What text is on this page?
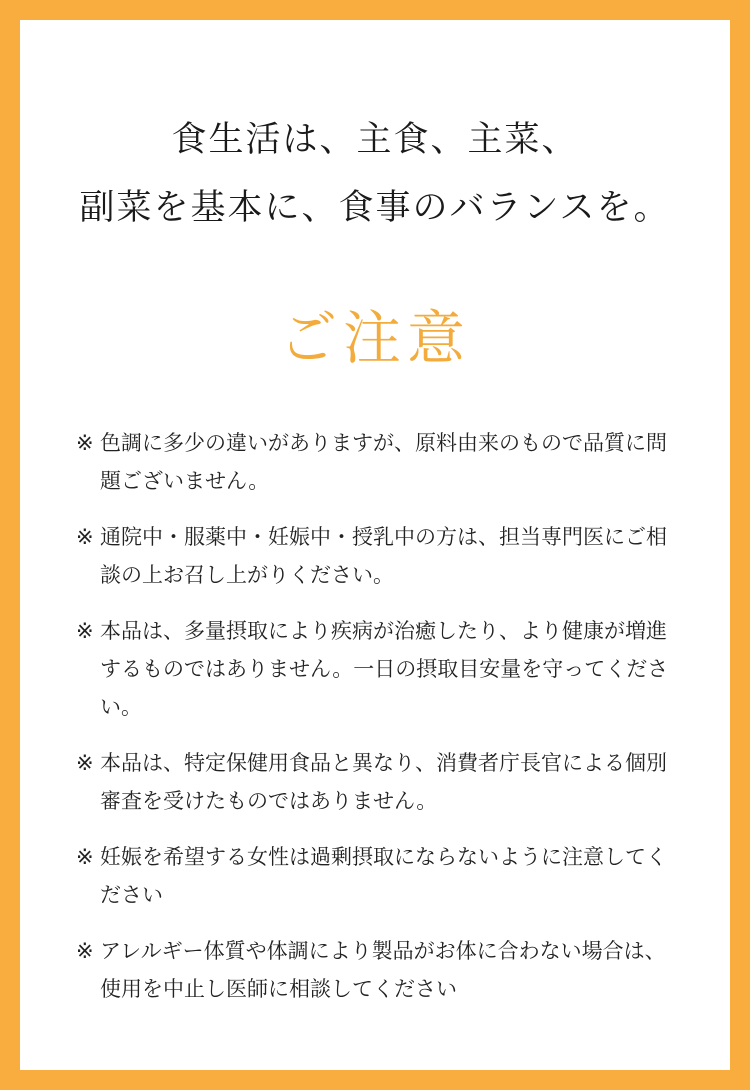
食生活は、主食、主菜、
副菜を基本に、食事のバランスを。
ご注意
※ 色調に多少の違いがありますが、原料由来のもので品質に問題ございません。
※ 通院中・服薬中・妊娠中・授乳中の方は、担当専門医にご相談の上お召し上がりください。
※ 本品は、多量摂取により疾病が治癒したり、より健康が増進するものではありません。一日の摂取目安量を守ってください。
※ 本品は、特定保健用食品と異なり、消費者庁長官による個別審査を受けたものではありません。
※ 妊娠を希望する女性は過剰摂取にならないように注意してください
※ アレルギー体質や体調により製品がお体に合わない場合は、使用を中止し医師に相談してください
